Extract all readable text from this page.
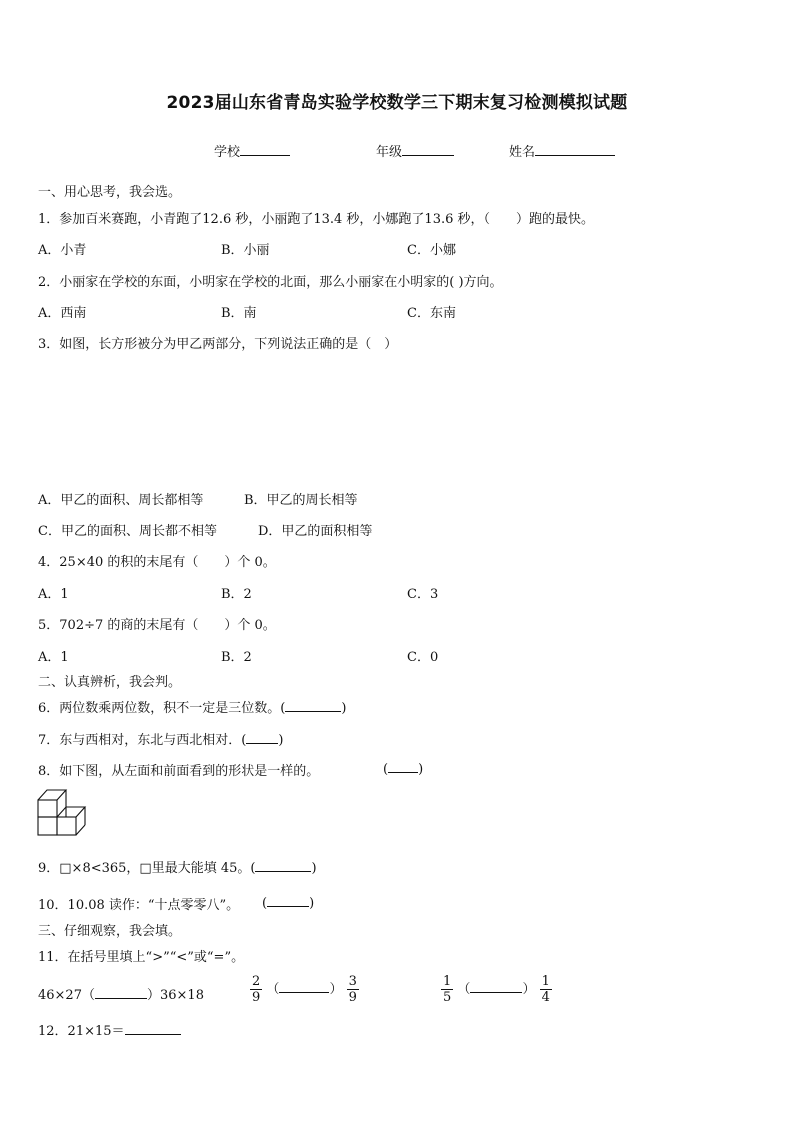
2023届山东省青岛实验学校数学三下期末复习检测模拟试题
学校	年级	姓名
一、用心思考，我会选。
1．参加百米赛跑，小青跑了12.6 秒，小丽跑了13.4 秒，小娜跑了13.6 秒，（　　）跑的最快。
A．小青	B．小丽	C．小娜
2．小丽家在学校的东面，小明家在学校的北面，那么小丽家在小明家的( )方向。
A．西南	B．南	C．东南
3．如图，长方形被分为甲乙两部分，下列说法正确的是（　）
A．甲乙的面积、周长都相等	B．甲乙的周长相等
C．甲乙的面积、周长都不相等	D．甲乙的面积相等
4．25×40 的积的末尾有（　　）个 0。
A．1	B．2	C．3
5．702÷7 的商的末尾有（　　）个 0。
A．1	B．2	C．0
二、认真辨析，我会判。
6．两位数乘两位数，积不一定是三位数。(	)
7．东与西相对，东北与西北相对．( )
8．如下图，从左面和前面看到的形状是一样的。	( )
9．□×8<365，□里最大能填 45。(	)
10．10.08 读作：“十点零零八”。 (	)
三、仔细观察，我会填。
11．在括号里填上“>”“<”或“=”。
46×27（	）36×18	$\frac{2}{9}$ （	） $\frac{3}{9}$	$\frac{1}{5}$ （	） $\frac{1}{4}$
12．21×15＝
